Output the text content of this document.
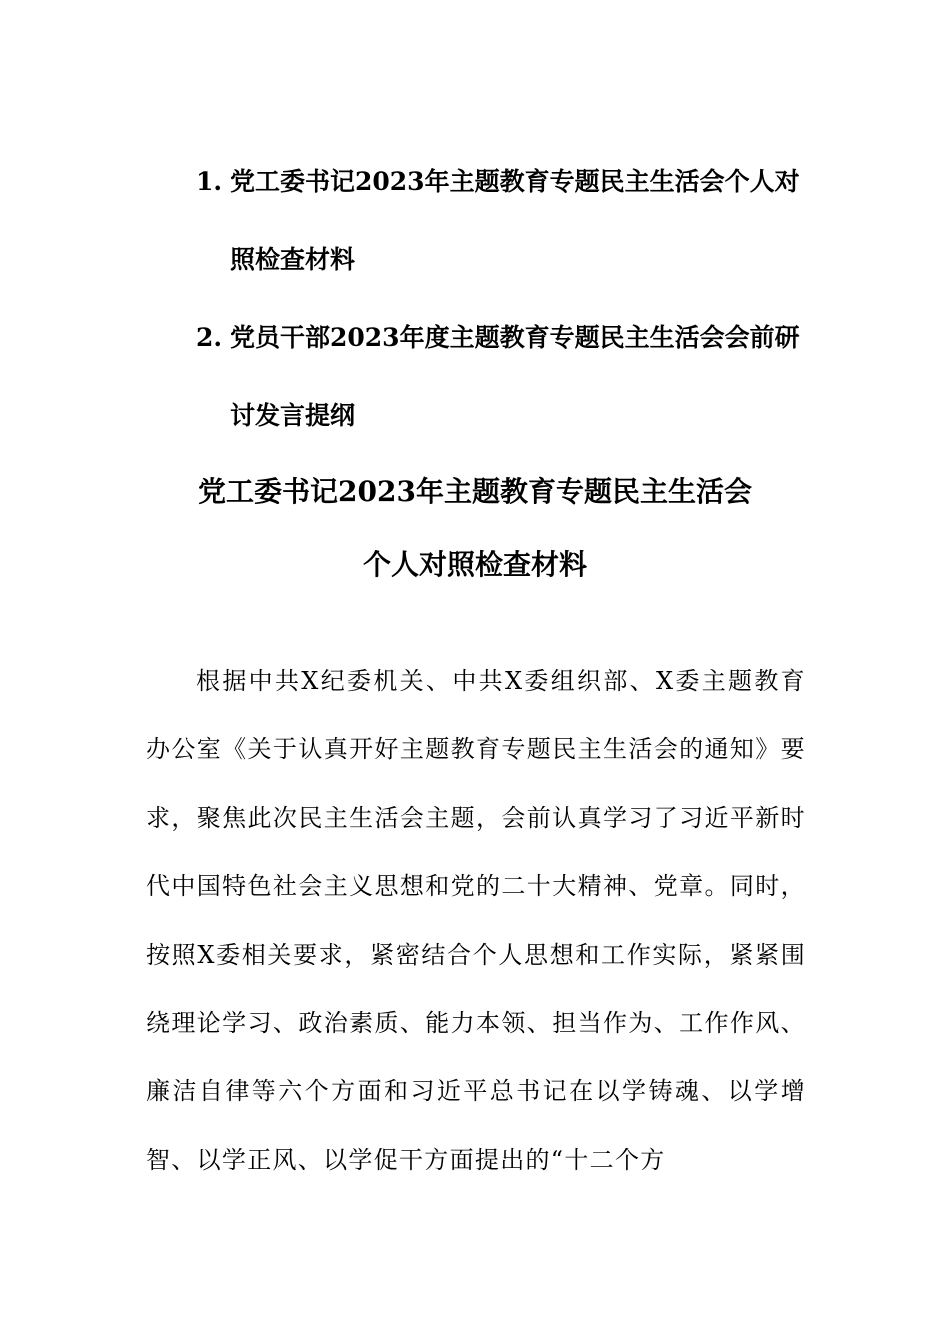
1. 党工委书记2023年主题教育专题民主生活会个人对照检查材料
2. 党员干部2023年度主题教育专题民主生活会会前研讨发言提纲
党工委书记2023年主题教育专题民主生活会
个人对照检查材料

根据中共X纪委机关、中共X委组织部、X委主题教育办公室《关于认真开好主题教育专题民主生活会的通知》要求，聚焦此次民主生活会主题，会前认真学习了习近平新时代中国特色社会主义思想和党的二十大精神、党章。同时，按照X委相关要求，紧密结合个人思想和工作实际，紧紧围绕理论学习、政治素质、能力本领、担当作为、工作作风、廉洁自律等六个方面和习近平总书记在以学铸魂、以学增智、以学正风、以学促干方面提出的“十二个方
